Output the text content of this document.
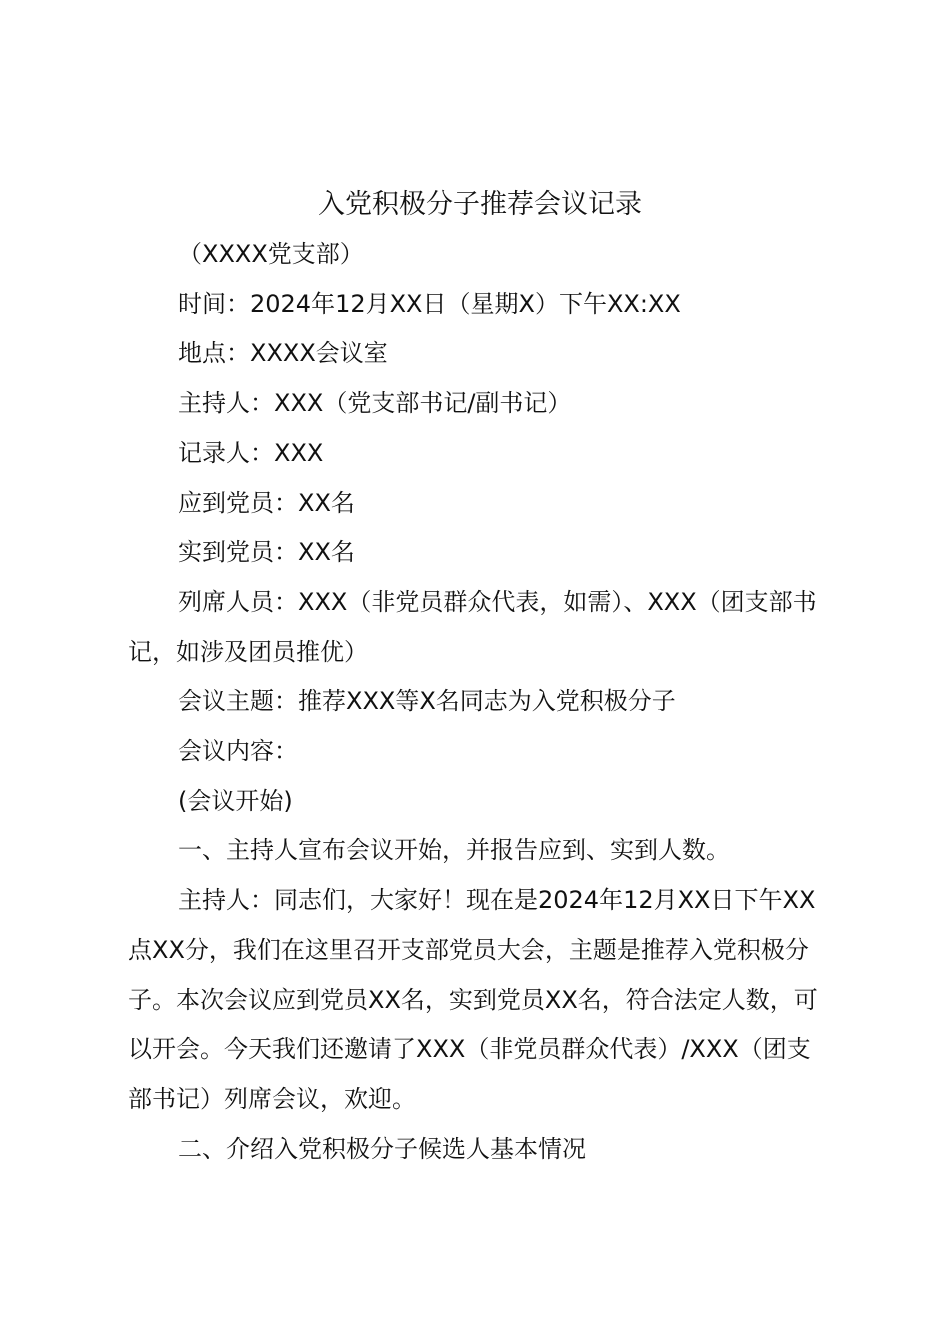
入党积极分子推荐会议记录

（XXXX党支部）

时间：2024年12月XX日（星期X）下午XX:XX

地点：XXXX会议室

主持人：XXX（党支部书记/副书记）

记录人：XXX

应到党员：XX名

实到党员：XX名

列席人员：XXX（非党员群众代表，如需）、XXX（团支部书记，如涉及团员推优）

会议主题：推荐XXX等X名同志为入党积极分子

会议内容：

(会议开始)

一、主持人宣布会议开始，并报告应到、实到人数。

主持人：同志们，大家好！现在是2024年12月XX日下午XX点XX分，我们在这里召开支部党员大会，主题是推荐入党积极分子。本次会议应到党员XX名，实到党员XX名，符合法定人数，可以开会。今天我们还邀请了XXX（非党员群众代表）/XXX（团支部书记）列席会议，欢迎。

二、介绍入党积极分子候选人基本情况
